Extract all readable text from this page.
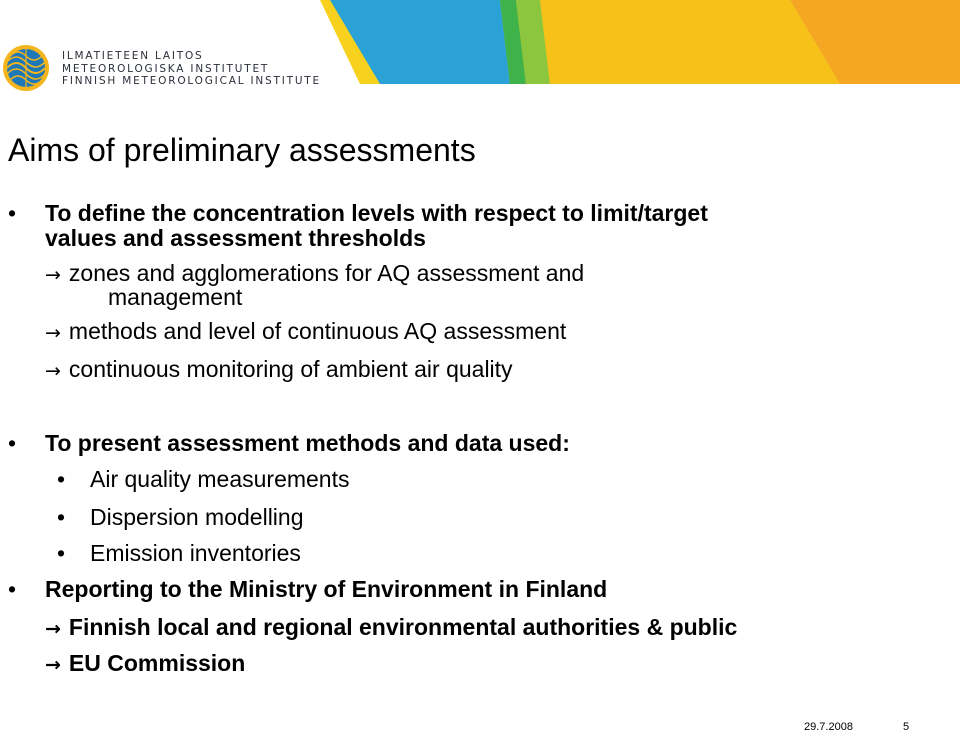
ILMATIETEEN LAITOS
METEOROLOGISKA INSTITUTET
FINNISH METEOROLOGICAL INSTITUTE
Aims of preliminary assessments
• To define the concentration levels with respect to limit/target
values and assessment thresholds
→ zones and agglomerations for AQ assessment and
management
→ methods and level of continuous AQ assessment
→ continuous monitoring of ambient air quality
• To present assessment methods and data used:
• Air quality measurements
• Dispersion modelling
• Emission inventories
• Reporting to the Ministry of Environment in Finland
→ Finnish local and regional environmental authorities & public
→ EU Commission
29.7.2008	5
